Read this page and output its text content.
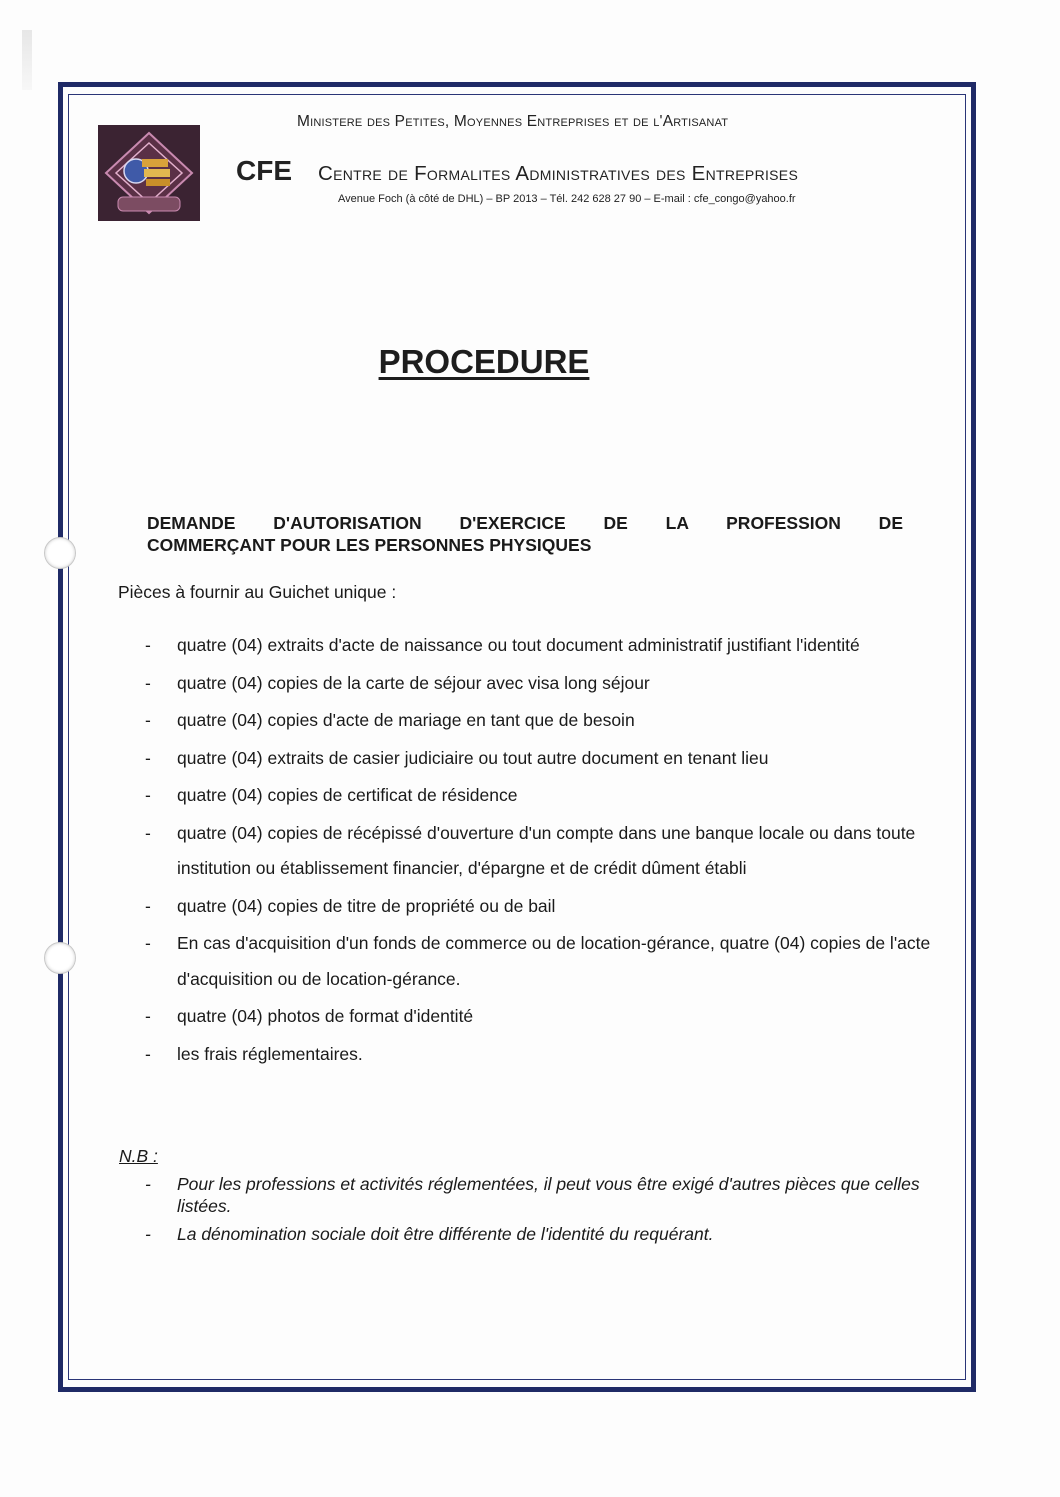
Ministere des Petites, Moyennes Entreprises et de l'Artisanat
CFE Centre de Formalites Administratives des Entreprises
Avenue Foch (à côté de DHL) – BP 2013 – Tél. 242 628 27 90 – E-mail : cfe_congo@yahoo.fr
PROCEDURE
DEMANDE D'AUTORISATION D'EXERCICE DE LA PROFESSION DE
COMMERÇANT POUR LES PERSONNES PHYSIQUES
Pièces à fournir au Guichet unique :
- quatre (04) extraits d'acte de naissance ou tout document administratif justifiant l'identité
- quatre (04) copies de la carte de séjour avec visa long séjour
- quatre (04) copies d'acte de mariage en tant que de besoin
- quatre (04) extraits de casier judiciaire ou tout autre document en tenant lieu
- quatre (04) copies de certificat de résidence
- quatre (04) copies de récépissé d'ouverture d'un compte dans une banque locale ou dans toute institution ou établissement financier, d'épargne et de crédit dûment établi
- quatre (04) copies de titre de propriété ou de bail
- En cas d'acquisition d'un fonds de commerce ou de location-gérance, quatre (04) copies de l'acte d'acquisition ou de location-gérance.
- quatre (04) photos de format d'identité
- les frais réglementaires.
N.B :
- Pour les professions et activités réglementées, il peut vous être exigé d'autres pièces que celles listées.
- La dénomination sociale doit être différente de l'identité du requérant.
